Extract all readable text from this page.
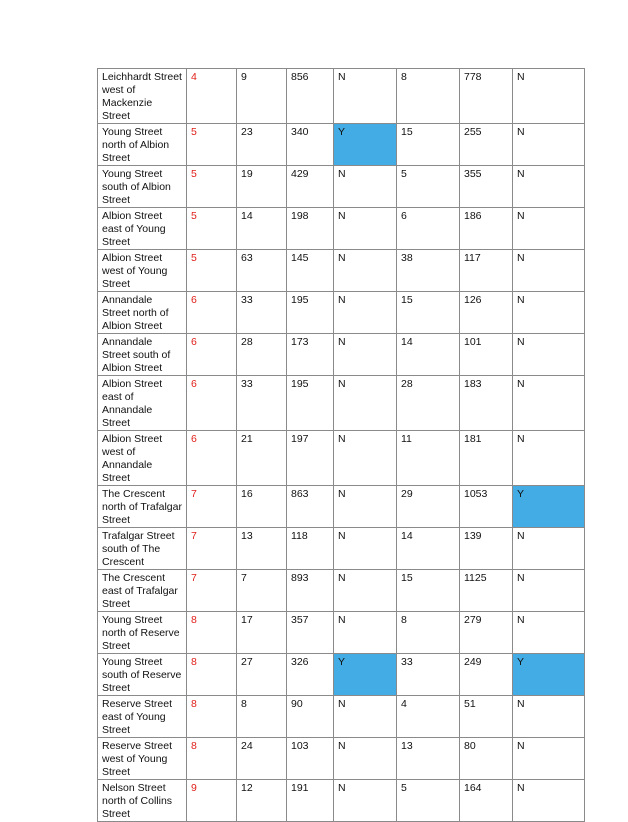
Leichhardt Street west of Mackenzie Street	4	9	856	N	8	778	N
Young Street north of Albion Street	5	23	340	Y	15	255	N
Young Street south of Albion Street	5	19	429	N	5	355	N
Albion Street east of Young Street	5	14	198	N	6	186	N
Albion Street west of Young Street	5	63	145	N	38	117	N
Annandale Street north of Albion Street	6	33	195	N	15	126	N
Annandale Street south of Albion Street	6	28	173	N	14	101	N
Albion Street east of Annandale Street	6	33	195	N	28	183	N
Albion Street west of Annandale Street	6	21	197	N	11	181	N
The Crescent north of Trafalgar Street	7	16	863	N	29	1053	Y
Trafalgar Street south of The Crescent	7	13	118	N	14	139	N
The Crescent east of Trafalgar Street	7	7	893	N	15	1125	N
Young Street north of Reserve Street	8	17	357	N	8	279	N
Young Street south of Reserve Street	8	27	326	Y	33	249	Y
Reserve Street east of Young Street	8	8	90	N	4	51	N
Reserve Street west of Young Street	8	24	103	N	13	80	N
Nelson Street north of Collins Street	9	12	191	N	5	164	N
